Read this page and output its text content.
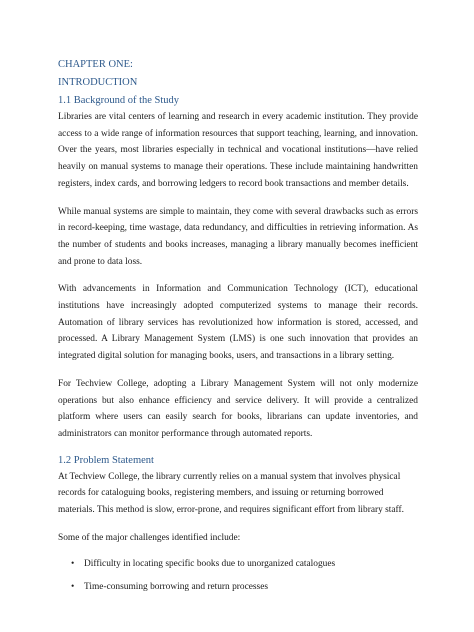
CHAPTER ONE:

INTRODUCTION

1.1 Background of the Study

Libraries are vital centers of learning and research in every academic institution. They provide access to a wide range of information resources that support teaching, learning, and innovation. Over the years, most libraries especially in technical and vocational institutions—have relied heavily on manual systems to manage their operations. These include maintaining handwritten registers, index cards, and borrowing ledgers to record book transactions and member details.

While manual systems are simple to maintain, they come with several drawbacks such as errors in record-keeping, time wastage, data redundancy, and difficulties in retrieving information. As the number of students and books increases, managing a library manually becomes inefficient and prone to data loss.

With advancements in Information and Communication Technology (ICT), educational institutions have increasingly adopted computerized systems to manage their records. Automation of library services has revolutionized how information is stored, accessed, and processed. A Library Management System (LMS) is one such innovation that provides an integrated digital solution for managing books, users, and transactions in a library setting.

For Techview College, adopting a Library Management System will not only modernize operations but also enhance efficiency and service delivery. It will provide a centralized platform where users can easily search for books, librarians can update inventories, and administrators can monitor performance through automated reports.

1.2 Problem Statement

At Techview College, the library currently relies on a manual system that involves physical records for cataloguing books, registering members, and issuing or returning borrowed materials. This method is slow, error-prone, and requires significant effort from library staff.

Some of the major challenges identified include:

•	Difficulty in locating specific books due to unorganized catalogues
•	Time-consuming borrowing and return processes
